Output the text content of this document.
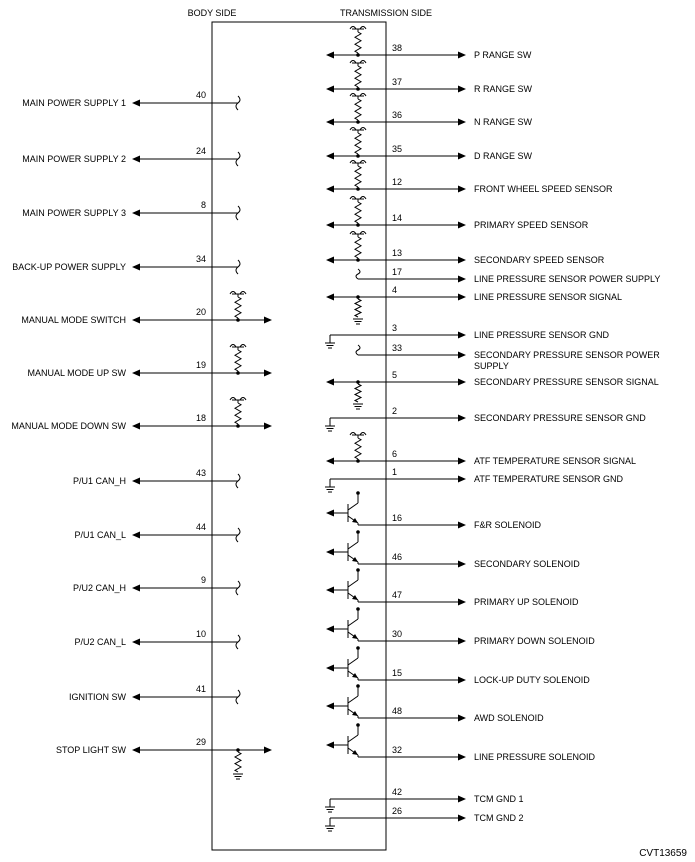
BODY SIDE	TRANSMISSION SIDE
MAIN POWER SUPPLY 1
40
MAIN POWER SUPPLY 2
24
MAIN POWER SUPPLY 3
8
BACK-UP POWER SUPPLY
34
MANUAL MODE SWITCH
20
MANUAL MODE UP SW
19
MANUAL MODE DOWN SW
18
P/U1 CAN_H
43
P/U1 CAN_L
44
P/U2 CAN_H
9
P/U2 CAN_L
10
IGNITION SW
41
STOP LIGHT SW
29
P RANGE SW
38
R RANGE SW
37
N RANGE SW
36
D RANGE SW
35
FRONT WHEEL SPEED SENSOR
12
PRIMARY SPEED SENSOR
14
SECONDARY SPEED SENSOR
13
LINE PRESSURE SENSOR POWER SUPPLY
17
LINE PRESSURE SENSOR SIGNAL
4
LINE PRESSURE SENSOR GND
3
SECONDARY PRESSURE SENSOR POWER
SUPPLY
33
SECONDARY PRESSURE SENSOR SIGNAL
5
SECONDARY PRESSURE SENSOR GND
2
ATF TEMPERATURE SENSOR SIGNAL
6
ATF TEMPERATURE SENSOR GND
1
F&R SOLENOID
16
SECONDARY SOLENOID
46
PRIMARY UP SOLENOID
47
PRIMARY DOWN SOLENOID
30
LOCK-UP DUTY SOLENOID
15
AWD SOLENOID
48
LINE PRESSURE SOLENOID
32
TCM GND 1
42
TCM GND 2
26
CVT13659
